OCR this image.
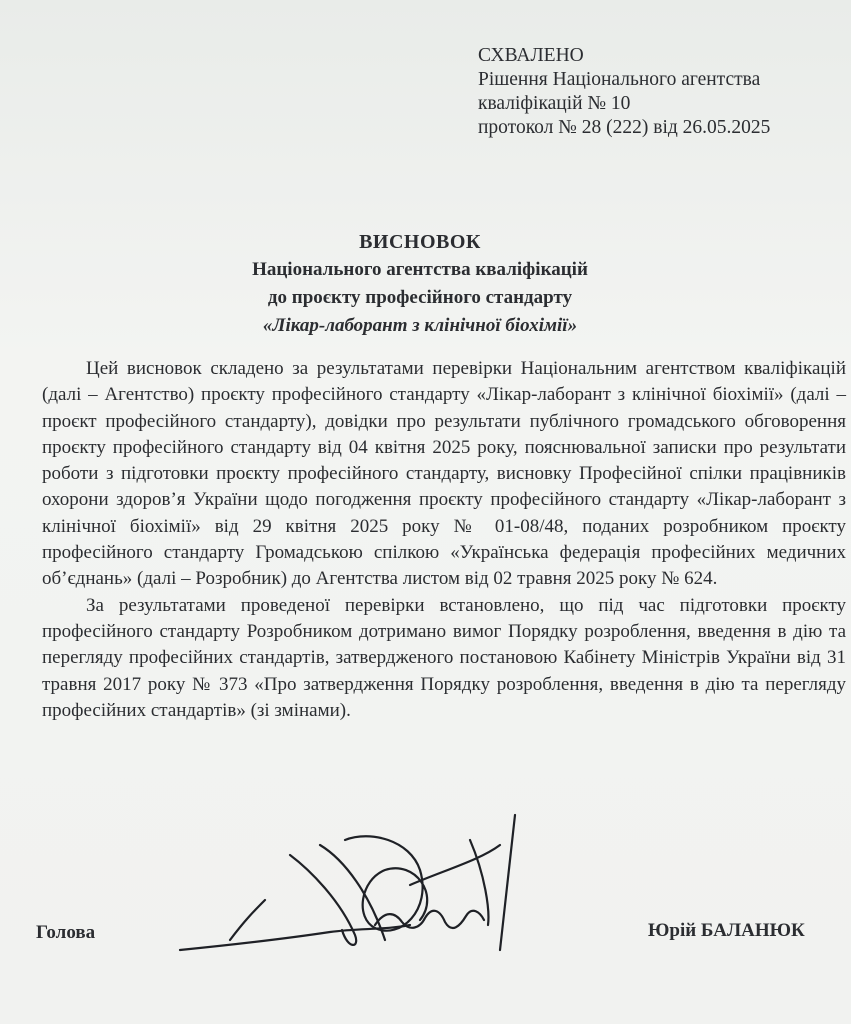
СХВАЛЕНО
Рішення Національного агентства
кваліфікацій № 10
протокол № 28 (222) від 26.05.2025
ВИСНОВОК
Національного агентства кваліфікацій
до проєкту професійного стандарту
«Лікар-лаборант з клінічної біохімії»

Цей висновок складено за результатами перевірки Національним агентством кваліфікацій (далі – Агентство) проєкту професійного стандарту «Лікар-лаборант з клінічної біохімії» (далі – проєкт професійного стандарту), довідки про результати публічного громадського обговорення проєкту професійного стандарту від 04 квітня 2025 року, пояснювальної записки про результати роботи з підготовки проєкту професійного стандарту, висновку Професійної спілки працівників охорони здоров’я України щодо погодження проєкту професійного стандарту «Лікар-лаборант з клінічної біохімії» від 29 квітня 2025 року № 01-08/48, поданих розробником проєкту професійного стандарту Громадською спілкою «Українська федерація професійних медичних об’єднань» (далі – Розробник) до Агентства листом від 02 травня 2025 року № 624.

За результатами проведеної перевірки встановлено, що під час підготовки проєкту професійного стандарту Розробником дотримано вимог Порядку розроблення, введення в дію та перегляду професійних стандартів, затвердженого постановою Кабінету Міністрів України від 31 травня 2017 року № 373 «Про затвердження Порядку розроблення, введення в дію та перегляду професійних стандартів» (зі змінами).

Голова	Юрій БАЛАНЮК
